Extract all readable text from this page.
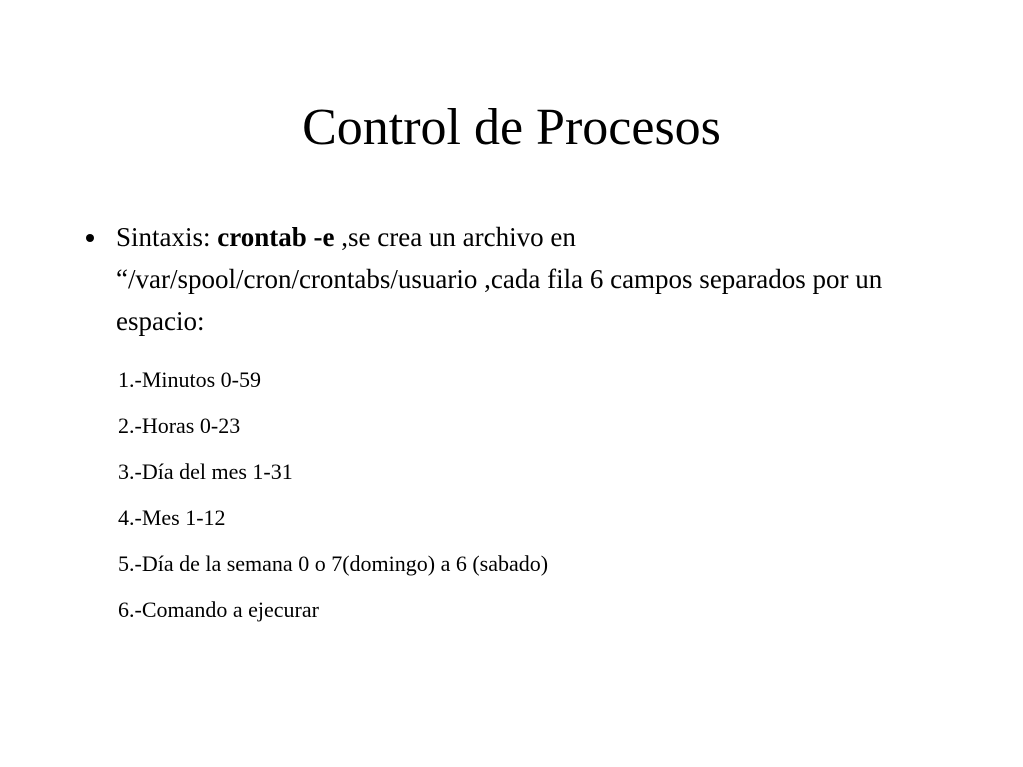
Control de Procesos
Sintaxis: crontab -e ,se crea un archivo en “/var/spool/cron/crontabs/usuario ,cada fila 6 campos separados por un espacio:
1.-Minutos 0-59
2.-Horas 0-23
3.-Día del mes 1-31
4.-Mes 1-12
5.-Día de la semana 0 o 7(domingo) a 6 (sabado)
6.-Comando a ejecurar
